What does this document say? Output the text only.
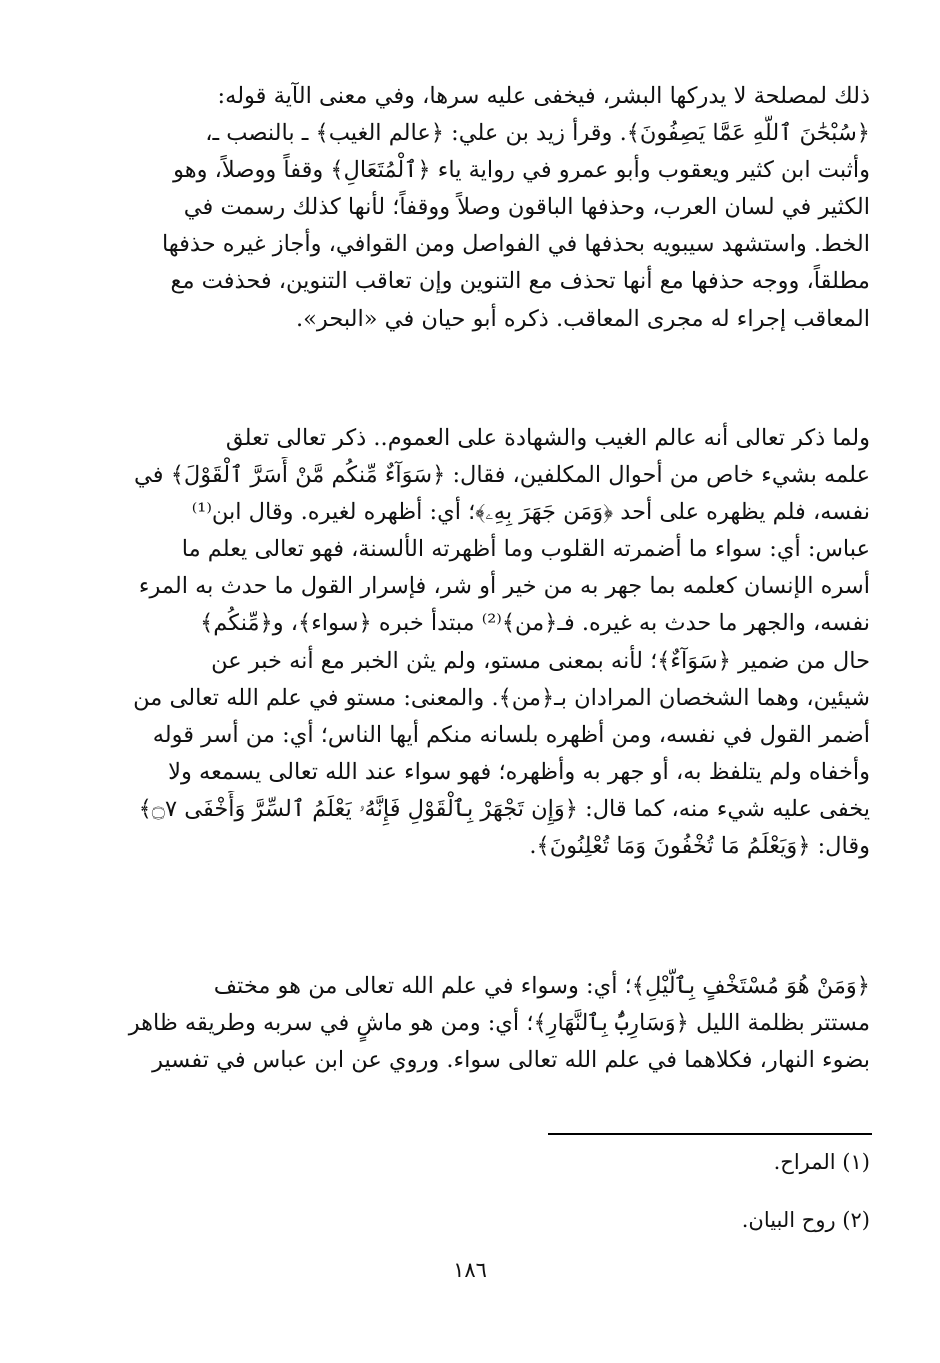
ذلك لمصلحة لا يدركها البشر، فيخفى عليه سرها، وفي معنى الآية قوله:
﴿سُبْحَٰنَ ٱللَّهِ عَمَّا يَصِفُونَ﴾. وقرأ زيد بن علي: ﴿عالم الغيب﴾ ـ بالنصب ـ،
وأثبت ابن كثير ويعقوب وأبو عمرو في رواية ياء ﴿ٱلْمُتَعَالِ﴾ وقفاً ووصلاً، وهو
الكثير في لسان العرب، وحذفها الباقون وصلاً ووقفاً؛ لأنها كذلك رسمت في
الخط. واستشهد سيبويه بحذفها في الفواصل ومن القوافي، وأجاز غيره حذفها
مطلقاً، ووجه حذفها مع أنها تحذف مع التنوين وإن تعاقب التنوين، فحذفت مع
المعاقب إجراء له مجرى المعاقب. ذكره أبو حيان في «البحر».
ولما ذكر تعالى أنه عالم الغيب والشهادة على العموم.. ذكر تعالى تعلق
علمه بشيء خاص من أحوال المكلفين، فقال: ﴿سَوَآءٌ مِّنكُم مَّنْ أَسَرَّ ٱلْقَوْلَ﴾ في
نفسه، فلم يظهره على أحد ﴿وَمَن جَهَرَ بِهِۦ﴾؛ أي: أظهره لغيره. وقال ابن⁽¹⁾
عباس: أي: سواء ما أضمرته القلوب وما أظهرته الألسنة، فهو تعالى يعلم ما
أسره الإنسان كعلمه بما جهر به من خير أو شر، فإسرار القول ما حدث به المرء
نفسه، والجهر ما حدث به غيره. فـ﴿من﴾⁽²⁾ مبتدأ خبره ﴿سواء﴾، و﴿مِّنكُم﴾
حال من ضمير ﴿سَوَآءٌ﴾؛ لأنه بمعنى مستو، ولم يثن الخبر مع أنه خبر عن
شيئين، وهما الشخصان المرادان بـ﴿من﴾. والمعنى: مستو في علم الله تعالى من
أضمر القول في نفسه، ومن أظهره بلسانه منكم أيها الناس؛ أي: من أسر قوله
وأخفاه ولم يتلفظ به، أو جهر به وأظهره؛ فهو سواء عند الله تعالى يسمعه ولا
يخفى عليه شيء منه، كما قال: ﴿وَإِن تَجْهَرْ بِٱلْقَوْلِ فَإِنَّهُۥ يَعْلَمُ ٱلسِّرَّ وَأَخْفَى ۝٧﴾
وقال: ﴿وَيَعْلَمُ مَا تُخْفُونَ وَمَا تُعْلِنُونَ﴾.
﴿وَمَنْ هُوَ مُسْتَخْفٍ بِٱلَّيْلِ﴾؛ أي: وسواء في علم الله تعالى من هو مختف
مستتر بظلمة الليل ﴿وَسَارِبٌۢ بِٱلنَّهَارِ﴾؛ أي: ومن هو ماشٍ في سربه وطريقه ظاهر
بضوء النهار، فكلاهما في علم الله تعالى سواء. وروي عن ابن عباس في تفسير
(١) المراح.
(٢) روح البيان.
١٨٦
